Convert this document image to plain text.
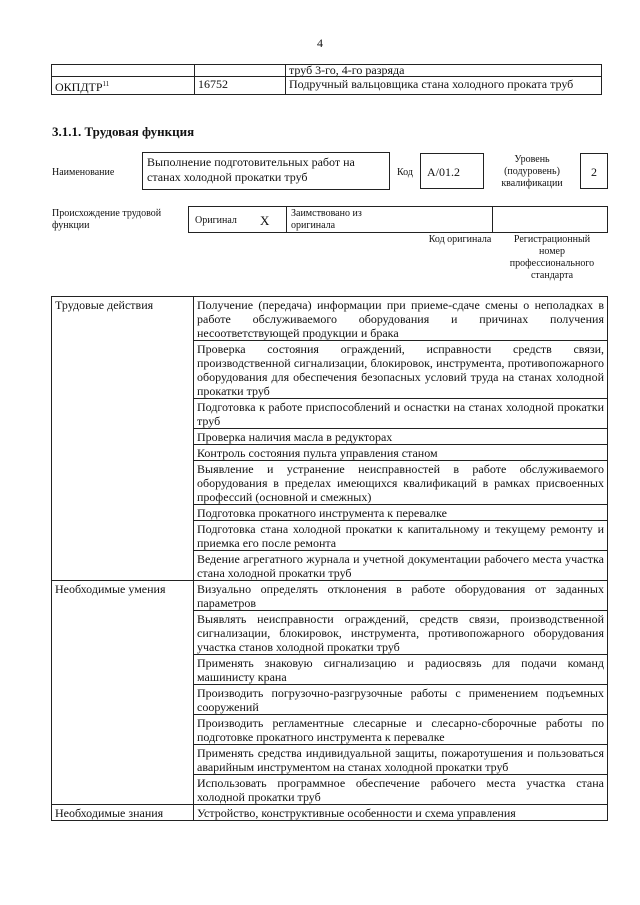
4
		труб 3-го, 4-го разряда
ОКПДТР$^{11}$	16752	Подручный вальцовщика стана холодного проката труб
3.1.1. Трудовая функция
Наименование
Выполнение подготовительных работ на станах холодной прокатки труб	Код	A/01.2
Уровень (подуровень) квалификации
2
Происхождение трудовой функции	Оригинал X Заимствовано из оригинала
Код оригинала	Регистрационный номер профессионального стандарта
Трудовые действия	Получение (передача) информации при приеме-сдаче смены о неполадках в работе обслуживаемого оборудования и причинах получения несоответствующей продукции и брака
	Проверка состояния ограждений, исправности средств связи, производственной сигнализации, блокировок, инструмента, противопожарного оборудования для обеспечения безопасных условий труда на станах холодной прокатки труб
	Подготовка к работе приспособлений и оснастки на станах холодной прокатки труб
	Проверка наличия масла в редукторах
	Контроль состояния пульта управления станом
	Выявление и устранение неисправностей в работе обслуживаемого оборудования в пределах имеющихся квалификаций в рамках присвоенных профессий (основной и смежных)
	Подготовка прокатного инструмента к перевалке
	Подготовка стана холодной прокатки к капитальному и текущему ремонту и приемка его после ремонта
	Ведение агрегатного журнала и учетной документации рабочего места участка стана холодной прокатки труб
Необходимые умения	Визуально определять отклонения в работе оборудования от заданных параметров
	Выявлять неисправности ограждений, средств связи, производственной сигнализации, блокировок, инструмента, противопожарного оборудования участка станов холодной прокатки труб
	Применять знаковую сигнализацию и радиосвязь для подачи команд машинисту крана
	Производить погрузочно-разгрузочные работы с применением подъемных сооружений
	Производить регламентные слесарные и слесарно-сборочные работы по подготовке прокатного инструмента к перевалке
	Применять средства индивидуальной защиты, пожаротушения и пользоваться аварийным инструментом на станах холодной прокатки труб
	Использовать программное обеспечение рабочего места участка стана холодной прокатки труб
Необходимые знания	Устройство, конструктивные особенности и схема управления
